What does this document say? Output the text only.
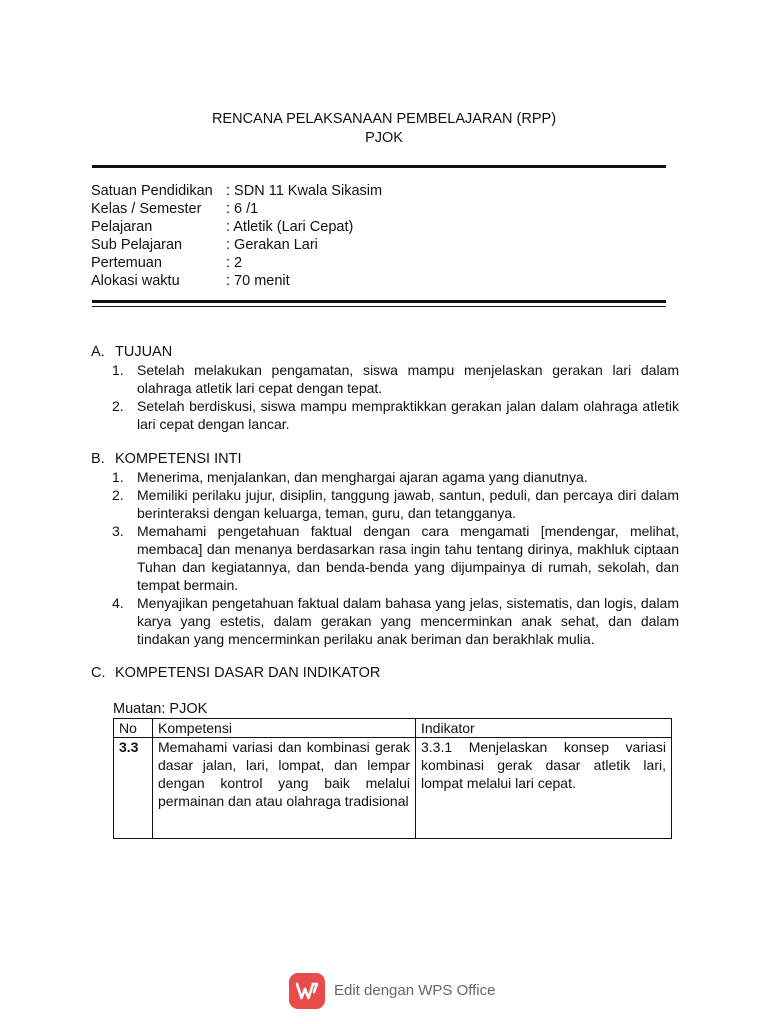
RENCANA PELAKSANAAN PEMBELAJARAN (RPP)
PJOK
Satuan Pendidikan : SDN 11 Kwala Sikasim
Kelas / Semester : 6 /1
Pelajaran	: Atletik (Lari Cepat)
Sub Pelajaran	: Gerakan Lari
Pertemuan	: 2
Alokasi waktu	: 70 menit
A. TUJUAN
1. Setelah melakukan pengamatan, siswa mampu menjelaskan gerakan lari dalam olahraga atletik lari cepat dengan tepat.
2. Setelah berdiskusi, siswa mampu mempraktikkan gerakan jalan dalam olahraga atletik lari cepat dengan lancar.
B. KOMPETENSI INTI
1. Menerima, menjalankan, dan menghargai ajaran agama yang dianutnya.
2. Memiliki perilaku jujur, disiplin, tanggung jawab, santun, peduli, dan percaya diri dalam berinteraksi dengan keluarga, teman, guru, dan tetangganya.
3. Memahami pengetahuan faktual dengan cara mengamati [mendengar, melihat, membaca] dan menanya berdasarkan rasa ingin tahu tentang dirinya, makhluk ciptaan Tuhan dan kegiatannya, dan benda-benda yang dijumpainya di rumah, sekolah, dan tempat bermain.
4. Menyajikan pengetahuan faktual dalam bahasa yang jelas, sistematis, dan logis, dalam karya yang estetis, dalam gerakan yang mencerminkan anak sehat, dan dalam tindakan yang mencerminkan perilaku anak beriman dan berakhlak mulia.
C. KOMPETENSI DASAR DAN INDIKATOR
Muatan: PJOK
No	Kompetensi	Indikator
3.3	Memahami variasi dan kombinasi gerak dasar jalan, lari, lompat, dan lempar dengan kontrol yang baik melalui permainan dan atau olahraga tradisional	3.3.1 Menjelaskan konsep variasi kombinasi gerak dasar atletik lari, lompat melalui lari cepat.
Edit dengan WPS Office
